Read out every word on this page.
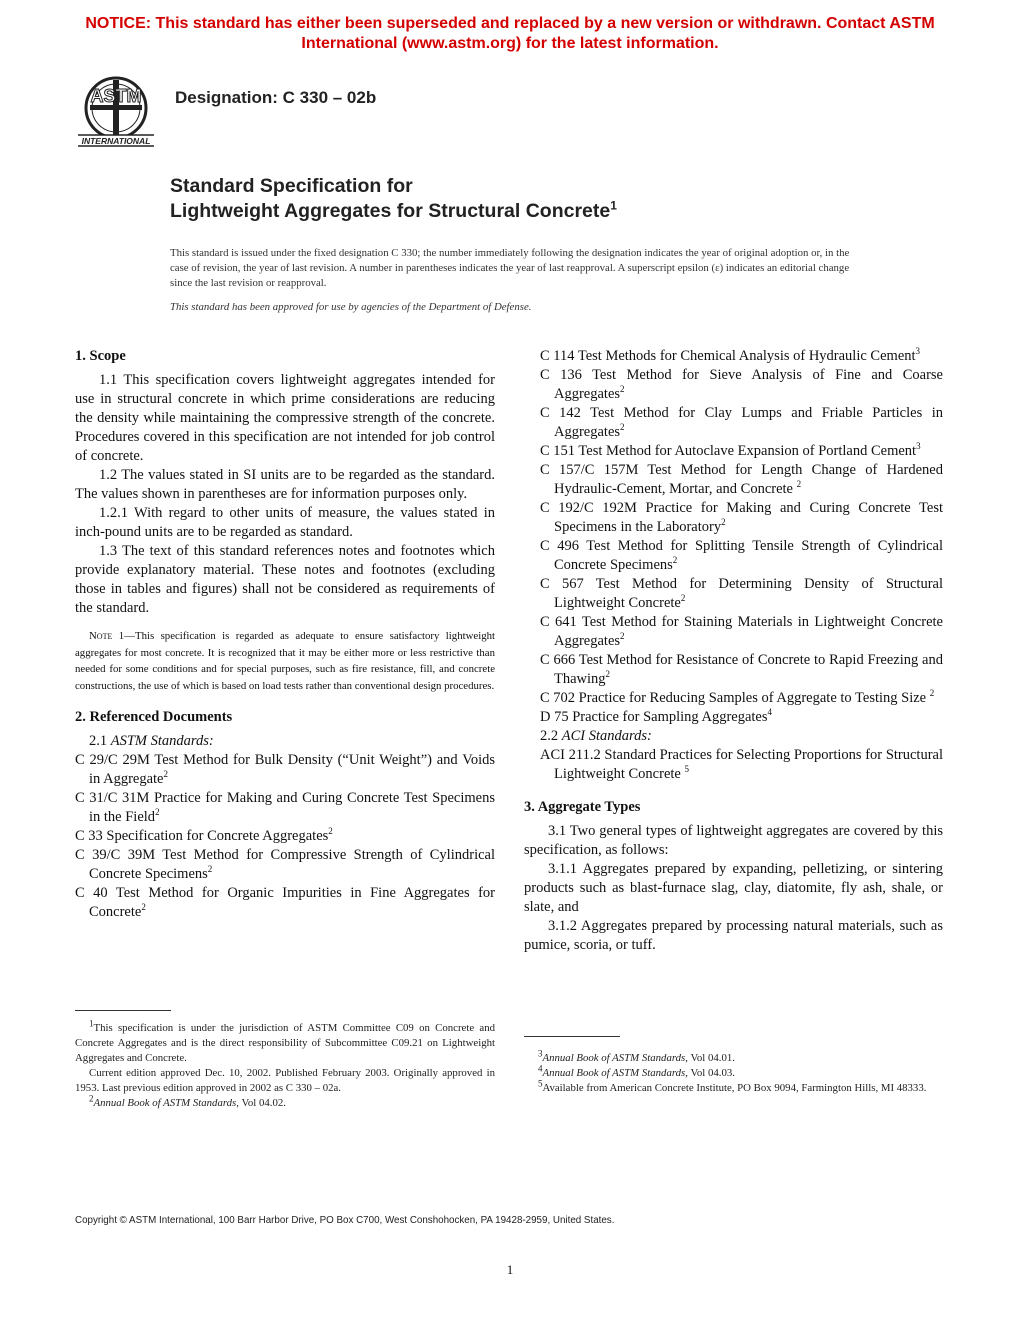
NOTICE: This standard has either been superseded and replaced by a new version or withdrawn. Contact ASTM
International (www.astm.org) for the latest information.
ASTM
INTERNATIONAL
Designation: C 330 – 02b
Standard Specification for
Lightweight Aggregates for Structural Concrete$^1$
This standard is issued under the fixed designation C 330; the number immediately following the designation indicates the year of original adoption or, in the case of revision, the year of last revision. A number in parentheses indicates the year of last reapproval. A superscript epsilon (ε) indicates an editorial change since the last revision or reapproval.
This standard has been approved for use by agencies of the Department of Defense.

1. Scope

1.1 This specification covers lightweight aggregates intended for use in structural concrete in which prime considerations are reducing the density while maintaining the compressive strength of the concrete. Procedures covered in this specification are not intended for job control of concrete.

1.2 The values stated in SI units are to be regarded as the standard. The values shown in parentheses are for information purposes only.

1.2.1 With regard to other units of measure, the values stated in inch-pound units are to be regarded as standard.

1.3 The text of this standard references notes and footnotes which provide explanatory material. These notes and footnotes (excluding those in tables and figures) shall not be considered as requirements of the standard.

Note 1—This specification is regarded as adequate to ensure satisfactory lightweight aggregates for most concrete. It is recognized that it may be either more or less restrictive than needed for some conditions and for special purposes, such as fire resistance, fill, and concrete constructions, the use of which is based on load tests rather than conventional design procedures.

2. Referenced Documents

2.1 ASTM Standards:

C 29/C 29M Test Method for Bulk Density (“Unit Weight”) and Voids in Aggregate$^2$

C 31/C 31M Practice for Making and Curing Concrete Test Specimens in the Field$^2$

C 33 Specification for Concrete Aggregates$^2$

C 39/C 39M Test Method for Compressive Strength of Cylindrical Concrete Specimens$^2$

C 40 Test Method for Organic Impurities in Fine Aggregates for Concrete$^2$

$^1$This specification is under the jurisdiction of ASTM Committee C09 on Concrete and Concrete Aggregates and is the direct responsibility of Subcommittee C09.21 on Lightweight Aggregates and Concrete.

Current edition approved Dec. 10, 2002. Published February 2003. Originally approved in 1953. Last previous edition approved in 2002 as C 330 – 02a.

$^2$Annual Book of ASTM Standards, Vol 04.02.

C 114 Test Methods for Chemical Analysis of Hydraulic Cement$^3$

C 136 Test Method for Sieve Analysis of Fine and Coarse Aggregates$^2$

C 142 Test Method for Clay Lumps and Friable Particles in Aggregates$^2$

C 151 Test Method for Autoclave Expansion of Portland Cement$^3$

C 157/C 157M Test Method for Length Change of Hardened Hydraulic-Cement, Mortar, and Concrete $^2$

C 192/C 192M Practice for Making and Curing Concrete Test Specimens in the Laboratory$^2$

C 496 Test Method for Splitting Tensile Strength of Cylindrical Concrete Specimens$^2$

C 567 Test Method for Determining Density of Structural Lightweight Concrete$^2$

C 641 Test Method for Staining Materials in Lightweight Concrete Aggregates$^2$

C 666 Test Method for Resistance of Concrete to Rapid Freezing and Thawing$^2$

C 702 Practice for Reducing Samples of Aggregate to Testing Size $^2$

D 75 Practice for Sampling Aggregates$^4$

2.2 ACI Standards:

ACI 211.2 Standard Practices for Selecting Proportions for Structural Lightweight Concrete $^5$

3. Aggregate Types

3.1 Two general types of lightweight aggregates are covered by this specification, as follows:

3.1.1 Aggregates prepared by expanding, pelletizing, or sintering products such as blast-furnace slag, clay, diatomite, fly ash, shale, or slate, and

3.1.2 Aggregates prepared by processing natural materials, such as pumice, scoria, or tuff.

$^3$Annual Book of ASTM Standards, Vol 04.01.

$^4$Annual Book of ASTM Standards, Vol 04.03.

$^5$Available from American Concrete Institute, PO Box 9094, Farmington Hills, MI 48333.

Copyright © ASTM International, 100 Barr Harbor Drive, PO Box C700, West Conshohocken, PA 19428-2959, United States.
1
